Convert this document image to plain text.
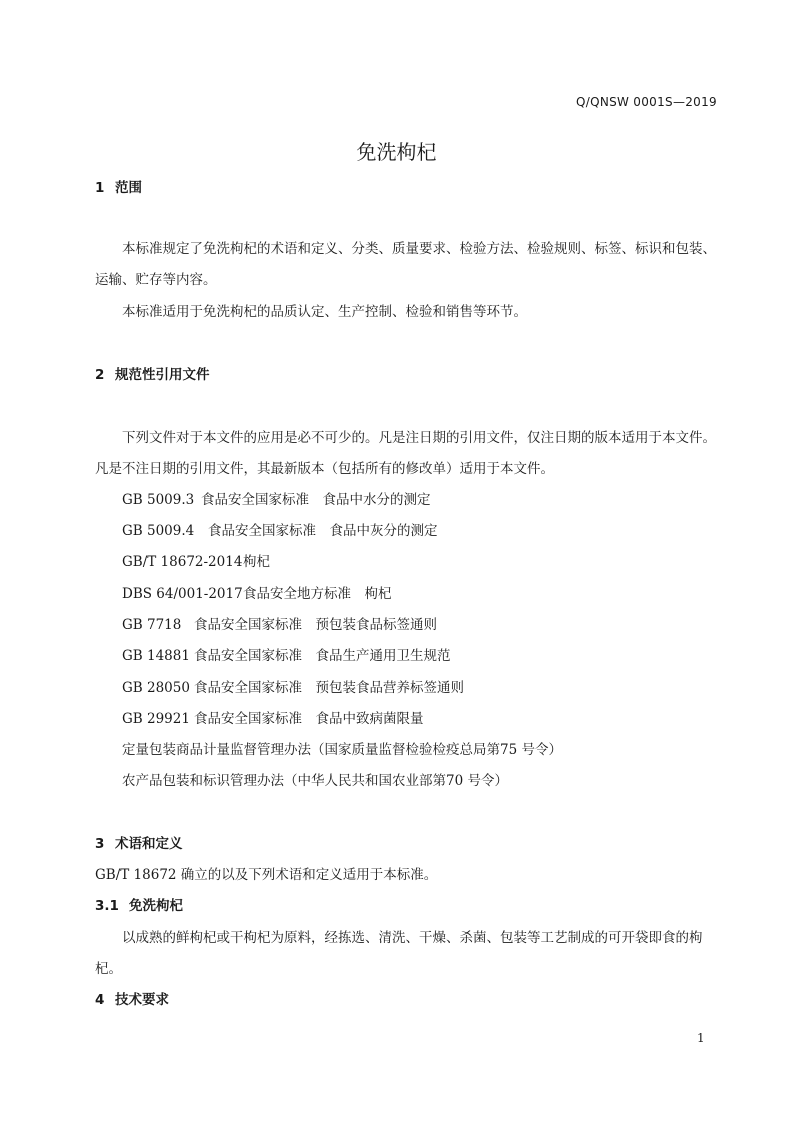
Q/QNSW 0001S—2019
免洗枸杞
1 范围
本标准规定了免洗枸杞的术语和定义、分类、质量要求、检验方法、检验规则、标签、标识和包装、
运输、贮存等内容。
本标准适用于免洗枸杞的品质认定、生产控制、检验和销售等环节。
2 规范性引用文件
下列文件对于本文件的应用是必不可少的。凡是注日期的引用文件，仅注日期的版本适用于本文件。
凡是不注日期的引用文件，其最新版本（包括所有的修改单）适用于本文件。
GB 5009.3 食品安全国家标准　食品中水分的测定
GB 5009.4 食品安全国家标准　食品中灰分的测定
GB/T 18672-2014枸杞
DBS 64/001-2017食品安全地方标准　枸杞
GB 7718 食品安全国家标准　预包装食品标签通则
GB 14881 食品安全国家标准　食品生产通用卫生规范
GB 28050 食品安全国家标准　预包装食品营养标签通则
GB 29921 食品安全国家标准　食品中致病菌限量
定量包装商品计量监督管理办法（国家质量监督检验检疫总局第75 号令）
农产品包装和标识管理办法（中华人民共和国农业部第70 号令）
3 术语和定义
GB/T 18672 确立的以及下列术语和定义适用于本标准。
3.1 免洗枸杞
以成熟的鲜枸杞或干枸杞为原料，经拣选、清洗、干燥、杀菌、包装等工艺制成的可开袋即食的枸
杞。
4 技术要求
1
